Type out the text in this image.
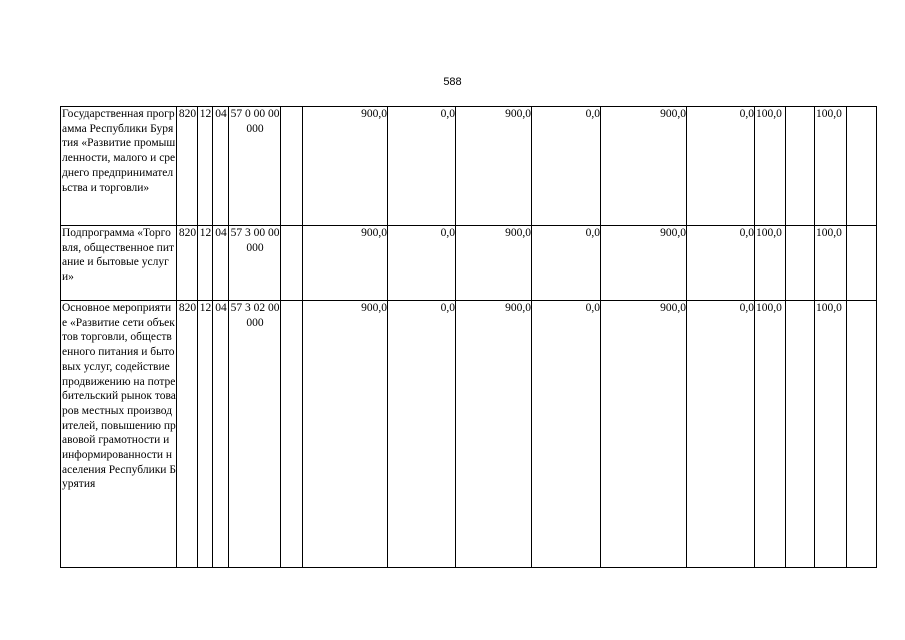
588
Государственная программа Республики Бурятия «Развитие промышленности, малого и среднего предпринимательства и торговли»	820	12	04	57 0 00 00000		900,0	0,0	900,0	0,0	900,0	0,0	100,0		100,0	
Подпрограмма «Торговля, общественное питание и бытовые услуги»	820	12	04	57 3 00 00000		900,0	0,0	900,0	0,0	900,0	0,0	100,0		100,0	
Основное мероприятие «Развитие сети объектов торговли, общественного питания и бытовых услуг, содействие продвижению на потребительский рынок товаров местных производителей, повышению правовой грамотности и информированности населения Республики Бурятия	820	12	04	57 3 02 00000		900,0	0,0	900,0	0,0	900,0	0,0	100,0		100,0	
